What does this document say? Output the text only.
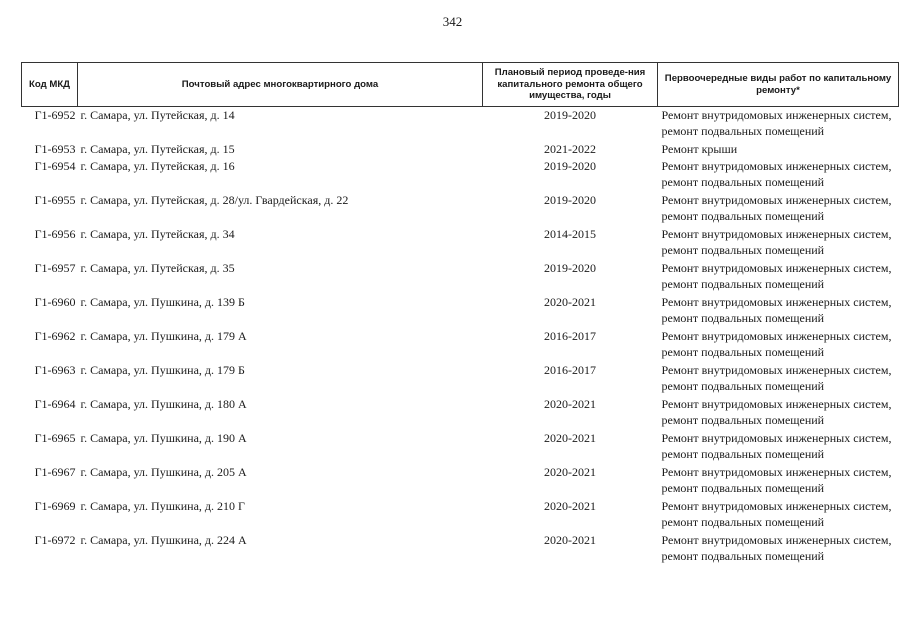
342
Код МКД	Почтовый адрес многоквартирного дома	Плановый период проведе-ния капитального ремонта общего имущества, годы	Первоочередные виды работ по капитальному ремонту*
Г1-6952	г. Самара, ул. Путейская, д. 14	2019-2020	Ремонт внутридомовых инженерных систем,
ремонт подвальных помещений

Г1-6953	г. Самара, ул. Путейская, д. 15	2021-2022	Ремонт крыши

Г1-6954	г. Самара, ул. Путейская, д. 16	2019-2020	Ремонт внутридомовых инженерных систем,
ремонт подвальных помещений

Г1-6955	г. Самара, ул. Путейская, д. 28/ул. Гвардейская, д. 22	2019-2020	Ремонт внутридомовых инженерных систем,
ремонт подвальных помещений

Г1-6956	г. Самара, ул. Путейская, д. 34	2014-2015	Ремонт внутридомовых инженерных систем,
ремонт подвальных помещений

Г1-6957	г. Самара, ул. Путейская, д. 35	2019-2020	Ремонт внутридомовых инженерных систем,
ремонт подвальных помещений

Г1-6960	г. Самара, ул. Пушкина, д. 139 Б	2020-2021	Ремонт внутридомовых инженерных систем,
ремонт подвальных помещений

Г1-6962	г. Самара, ул. Пушкина, д. 179 А	2016-2017	Ремонт внутридомовых инженерных систем,
ремонт подвальных помещений

Г1-6963	г. Самара, ул. Пушкина, д. 179 Б	2016-2017	Ремонт внутридомовых инженерных систем,
ремонт подвальных помещений

Г1-6964	г. Самара, ул. Пушкина, д. 180 А	2020-2021	Ремонт внутридомовых инженерных систем,
ремонт подвальных помещений

Г1-6965	г. Самара, ул. Пушкина, д. 190 А	2020-2021	Ремонт внутридомовых инженерных систем,
ремонт подвальных помещений

Г1-6967	г. Самара, ул. Пушкина, д. 205 А	2020-2021	Ремонт внутридомовых инженерных систем,
ремонт подвальных помещений

Г1-6969	г. Самара, ул. Пушкина, д. 210 Г	2020-2021	Ремонт внутридомовых инженерных систем,
ремонт подвальных помещений

Г1-6972	г. Самара, ул. Пушкина, д. 224 А	2020-2021	Ремонт внутридомовых инженерных систем,
ремонт подвальных помещений
